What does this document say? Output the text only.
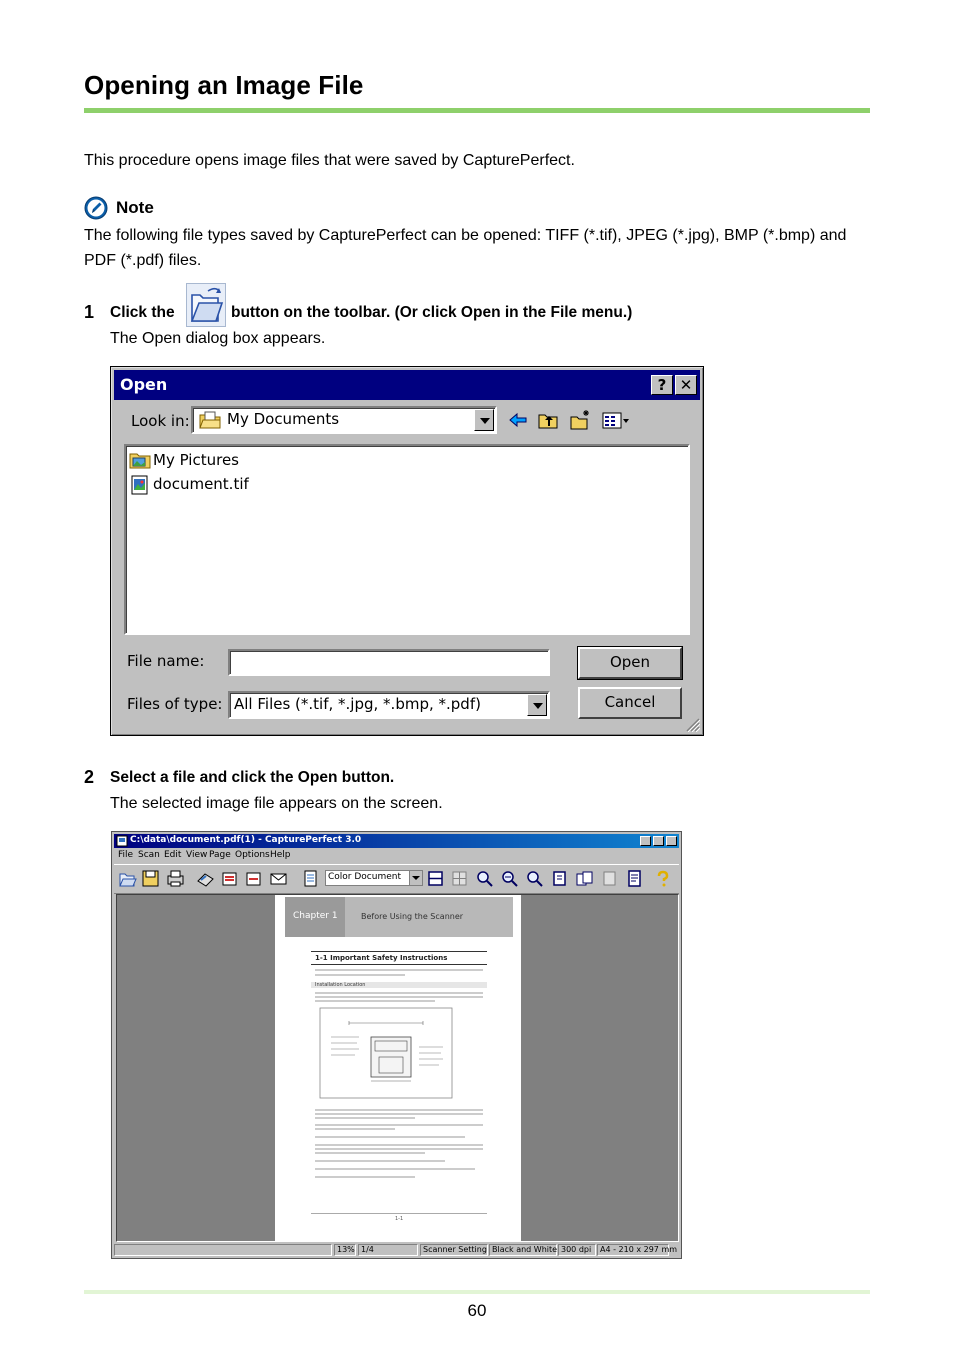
Opening an Image File
This procedure opens image files that were saved by CapturePerfect.
Note
The following file types saved by CapturePerfect can be opened: TIFF (*.tif), JPEG (*.jpg), BMP (*.bmp) and PDF (*.pdf) files.
1 Click the	button on the toolbar. (Or click Open in the File menu.)
The Open dialog box appears.
Open	? ✕
Look in: My Documents
My Pictures
document.tif
File name:	Open
Files of type: All Files (*.tif, *.jpg, *.bmp, *.pdf)	Cancel
2 Select a file and click the Open button.
The selected image file appears on the screen.
C:\data\document.pdf(1) - CapturePerfect 3.0
File Scan Edit View Page Options Help
Color Document
Chapter 1	Before Using the Scanner
1-1 Important Safety Instructions
Installation Location
1-1
13% 1/4	Scanner Setting Black and White 300 dpi	A4 - 210 x 297 mm
60
